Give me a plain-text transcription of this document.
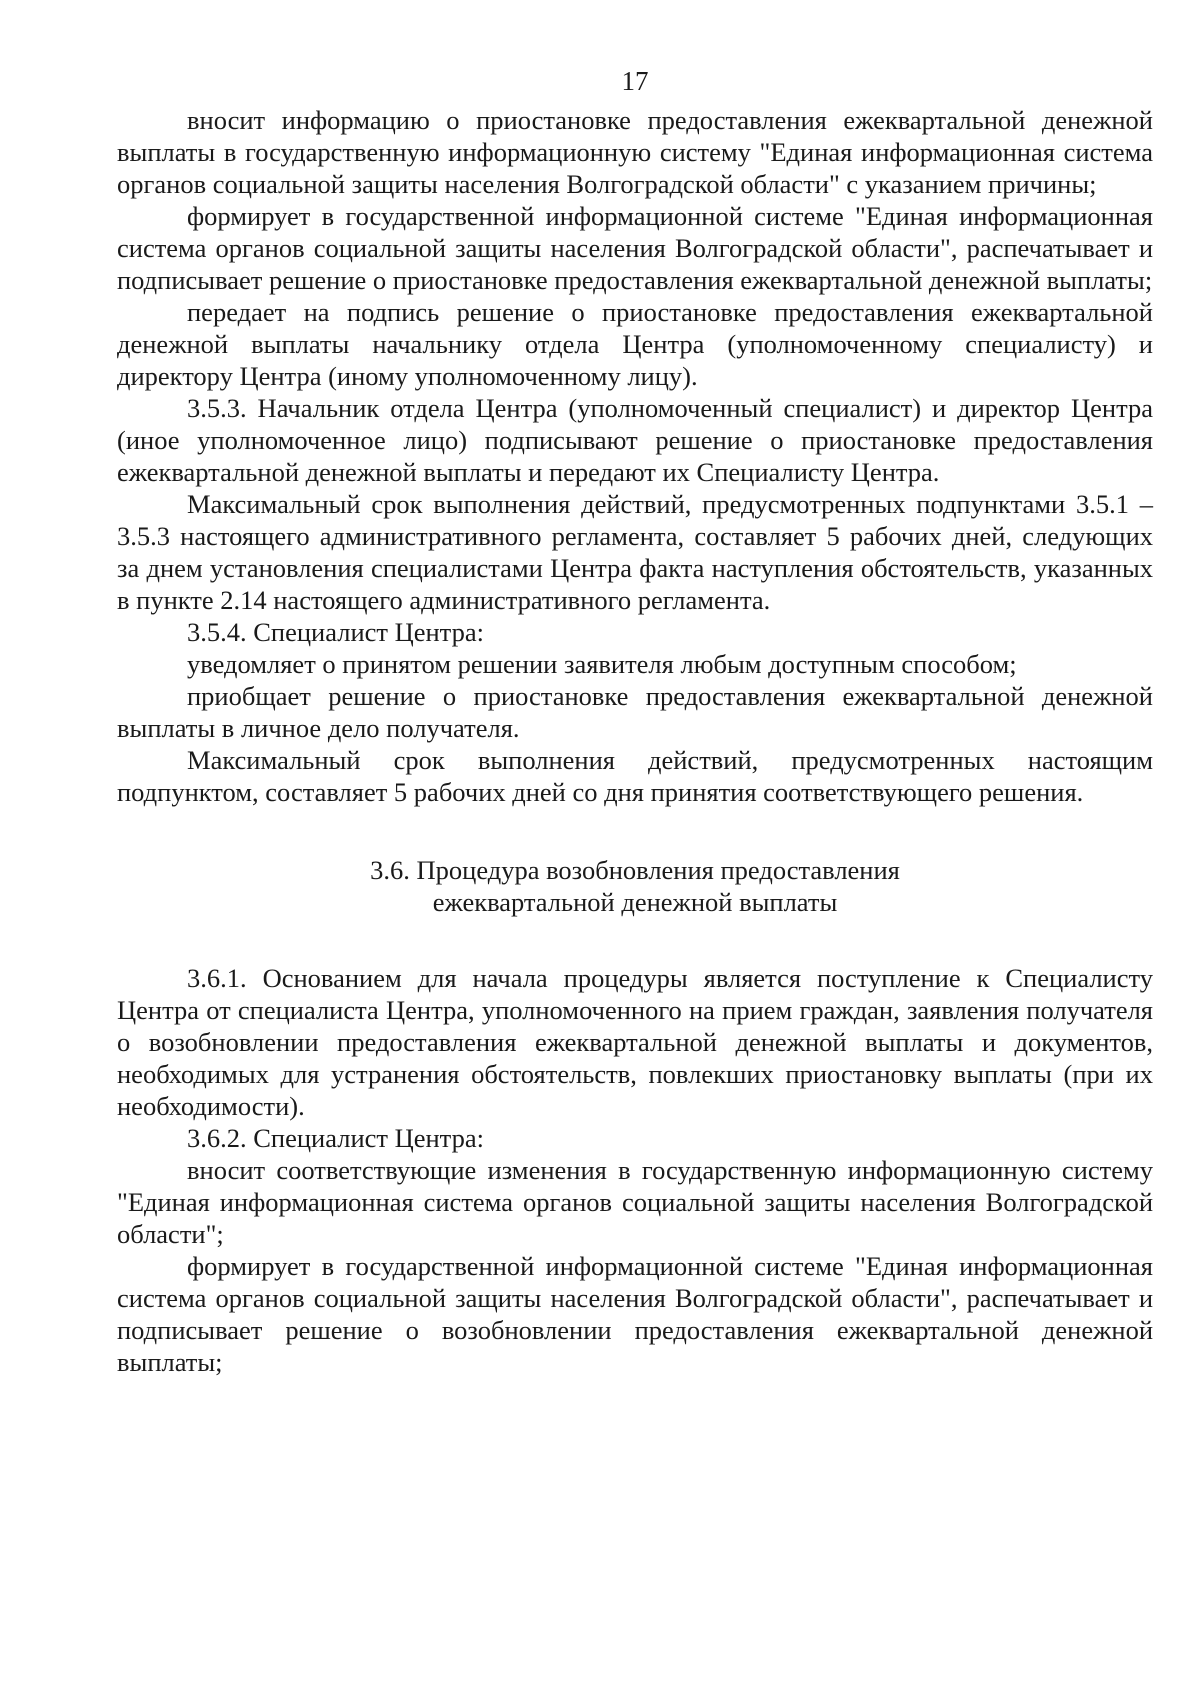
17

вносит информацию о приостановке предоставления ежеквартальной денежной выплаты в государственную информационную систему "Единая информационная система органов социальной защиты населения Волгоградской области" с указанием причины;

формирует в государственной информационной системе "Единая информационная система органов социальной защиты населения Волгоградской области", распечатывает и подписывает решение о приостановке предоставления ежеквартальной денежной выплаты;

передает на подпись решение о приостановке предоставления ежеквартальной денежной выплаты начальнику отдела Центра (уполномоченному специалисту) и директору Центра (иному уполномоченному лицу).

3.5.3. Начальник отдела Центра (уполномоченный специалист) и директор Центра (иное уполномоченное лицо) подписывают решение о приостановке предоставления ежеквартальной денежной выплаты и передают их Специалисту Центра.

Максимальный срок выполнения действий, предусмотренных подпунктами 3.5.1 – 3.5.3 настоящего административного регламента, составляет 5 рабочих дней, следующих за днем установления специалистами Центра факта наступления обстоятельств, указанных в пункте 2.14 настоящего административного регламента.

3.5.4. Специалист Центра:

уведомляет о принятом решении заявителя любым доступным способом;

приобщает решение о приостановке предоставления ежеквартальной денежной выплаты в личное дело получателя.

Максимальный срок выполнения действий, предусмотренных настоящим подпунктом, составляет 5 рабочих дней со дня принятия соответствующего решения.

3.6. Процедура возобновления предоставления
ежеквартальной денежной выплаты

3.6.1. Основанием для начала процедуры является поступление к Специалисту Центра от специалиста Центра, уполномоченного на прием граждан, заявления получателя о возобновлении предоставления ежеквартальной денежной выплаты и документов, необходимых для устранения обстоятельств, повлекших приостановку выплаты (при их необходимости).

3.6.2. Специалист Центра:

вносит соответствующие изменения в государственную информационную систему "Единая информационная система органов социальной защиты населения Волгоградской области";

формирует в государственной информационной системе "Единая информационная система органов социальной защиты населения Волгоградской области", распечатывает и подписывает решение о возобновлении предоставления ежеквартальной денежной выплаты;
